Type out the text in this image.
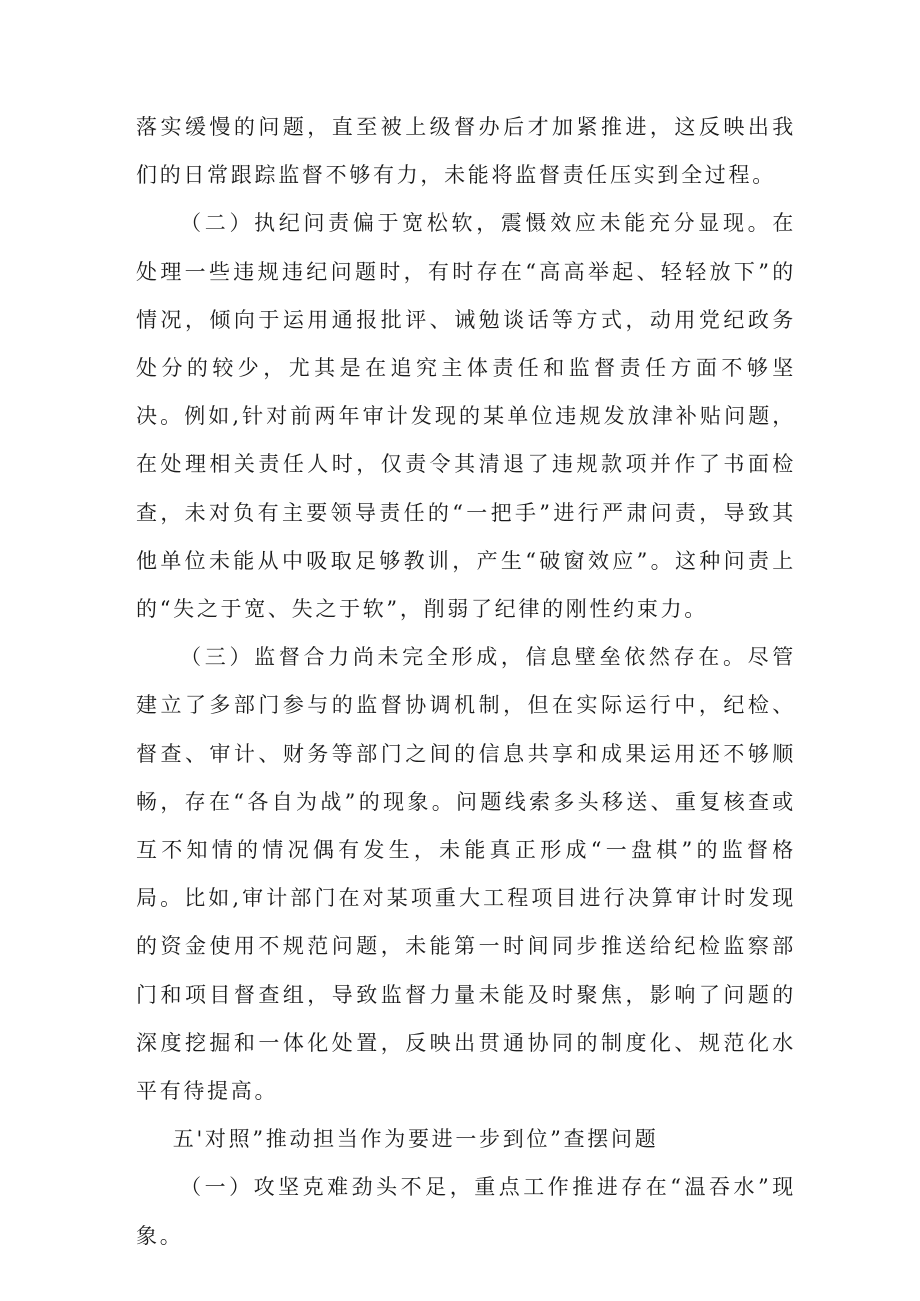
落实缓慢的问题，直至被上级督办后才加紧推进，这反映出我们的日常跟踪监督不够有力，未能将监督责任压实到全过程。

（二）执纪问责偏于宽松软，震慑效应未能充分显现。在处理一些违规违纪问题时，有时存在“高高举起、轻轻放下”的情况，倾向于运用通报批评、诫勉谈话等方式，动用党纪政务处分的较少，尤其是在追究主体责任和监督责任方面不够坚决。例如,针对前两年审计发现的某单位违规发放津补贴问题，在处理相关责任人时，仅责令其清退了违规款项并作了书面检查，未对负有主要领导责任的“一把手”进行严肃问责，导致其他单位未能从中吸取足够教训，产生“破窗效应”。这种问责上的“失之于宽、失之于软”，削弱了纪律的刚性约束力。

（三）监督合力尚未完全形成，信息壁垒依然存在。尽管建立了多部门参与的监督协调机制，但在实际运行中，纪检、督查、审计、财务等部门之间的信息共享和成果运用还不够顺畅，存在“各自为战”的现象。问题线索多头移送、重复核查或互不知情的情况偶有发生，未能真正形成“一盘棋”的监督格局。比如,审计部门在对某项重大工程项目进行决算审计时发现的资金使用不规范问题，未能第一时间同步推送给纪检监察部门和项目督查组，导致监督力量未能及时聚焦，影响了问题的深度挖掘和一体化处置，反映出贯通协同的制度化、规范化水平有待提高。

五'对照”推动担当作为要进一步到位”查摆问题

（一）攻坚克难劲头不足，重点工作推进存在“温吞水”现象。
